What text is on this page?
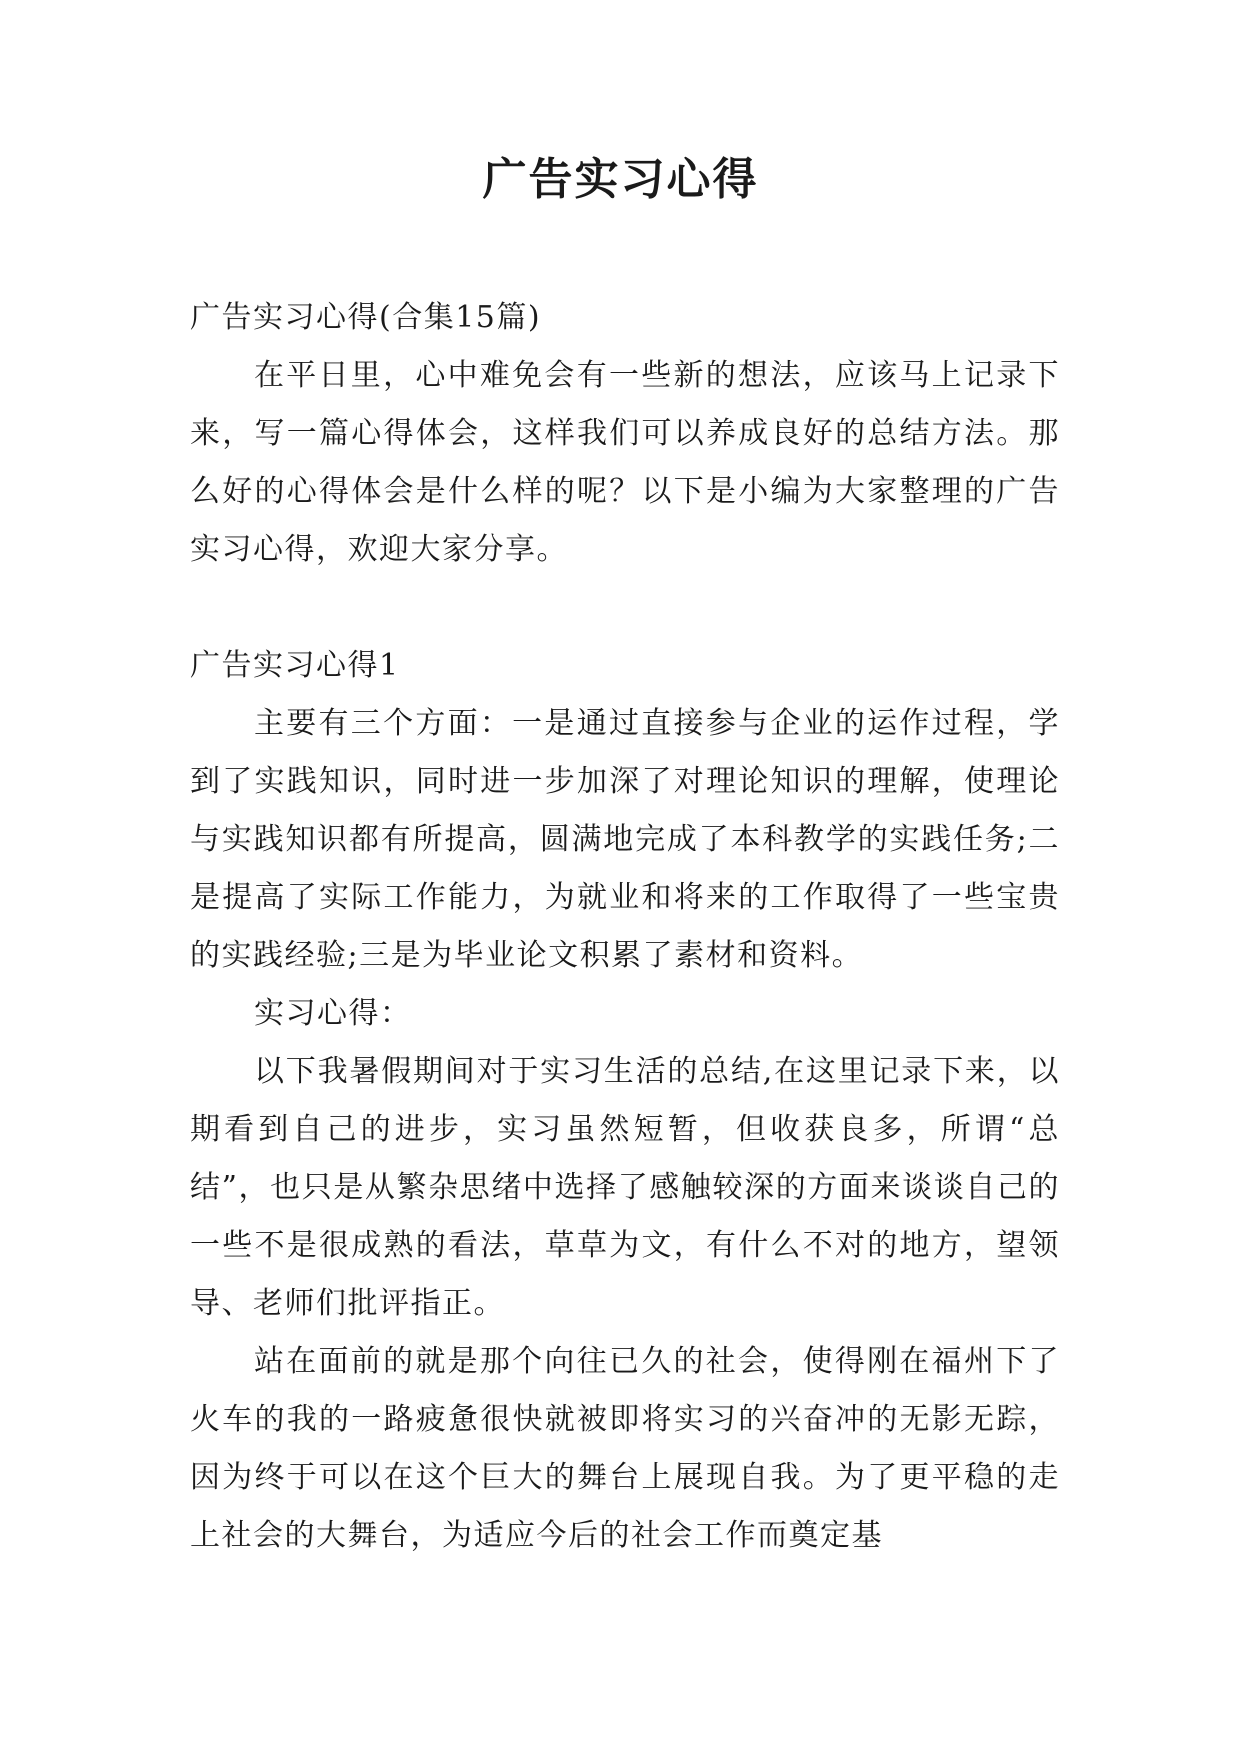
广告实习心得

广告实习心得(合集15篇)

在平日里，心中难免会有一些新的想法，应该马上记录下来，写一篇心得体会，这样我们可以养成良好的总结方法。那么好的心得体会是什么样的呢？以下是小编为大家整理的广告实习心得，欢迎大家分享。

广告实习心得1

主要有三个方面：一是通过直接参与企业的运作过程，学到了实践知识，同时进一步加深了对理论知识的理解，使理论与实践知识都有所提高，圆满地完成了本科教学的实践任务;二是提高了实际工作能力，为就业和将来的工作取得了一些宝贵的实践经验;三是为毕业论文积累了素材和资料。

实习心得：

以下我暑假期间对于实习生活的总结,在这里记录下来，以期看到自己的进步，实习虽然短暂，但收获良多，所谓“总结”，也只是从繁杂思绪中选择了感触较深的方面来谈谈自己的一些不是很成熟的看法，草草为文，有什么不对的地方，望领导、老师们批评指正。

站在面前的就是那个向往已久的社会，使得刚在福州下了火车的我的一路疲惫很快就被即将实习的兴奋冲的无影无踪，因为终于可以在这个巨大的舞台上展现自我。为了更平稳的走上社会的大舞台，为适应今后的社会工作而奠定基
